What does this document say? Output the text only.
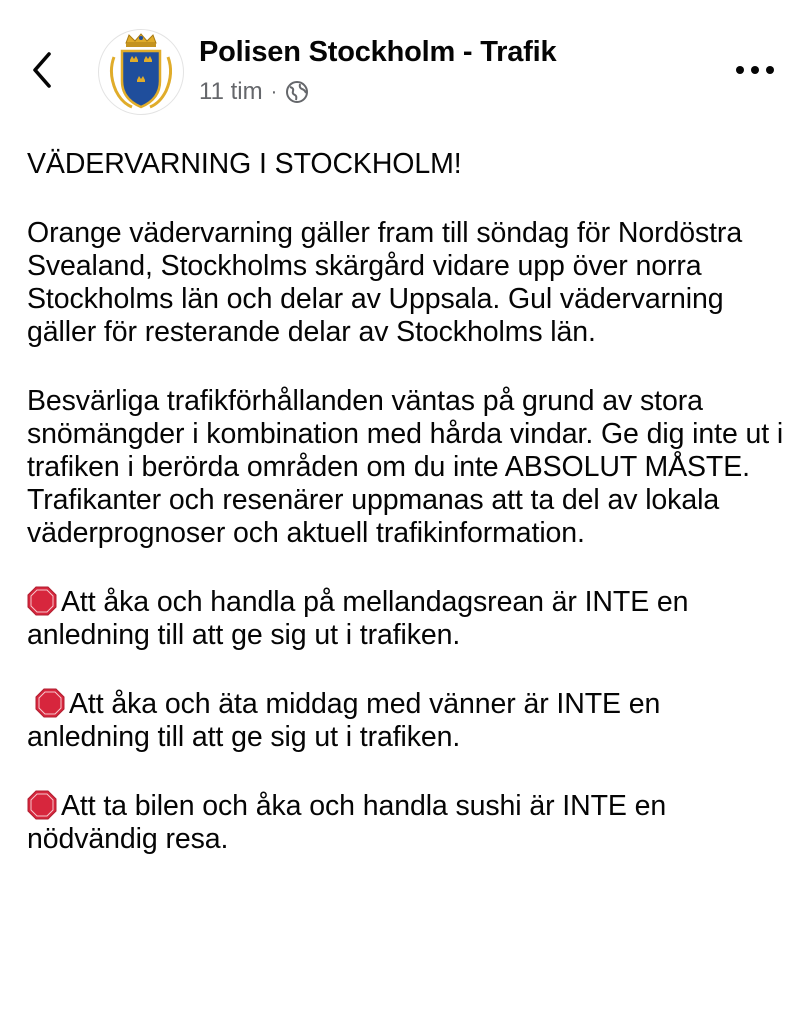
Polisen Stockholm - Trafik
11 tim ·

VÄDERVARNING I STOCKHOLM!

Orange vädervarning gäller fram till söndag för Nordöstra Svealand, Stockholms skärgård vidare upp över norra Stockholms län och delar av Uppsala. Gul vädervarning gäller för resterande delar av Stockholms län.

Besvärliga trafikförhållanden väntas på grund av stora snömängder i kombination med hårda vindar. Ge dig inte ut i trafiken i berörda områden om du inte ABSOLUT MÅSTE. Trafikanter och resenärer uppmanas att ta del av lokala väderprognoser och aktuell trafikinformation.

Att åka och handla på mellandagsrean är INTE en anledning till att ge sig ut i trafiken.

Att åka och äta middag med vänner är INTE en anledning till att ge sig ut i trafiken.

Att ta bilen och åka och handla sushi är INTE en nödvändig resa.
